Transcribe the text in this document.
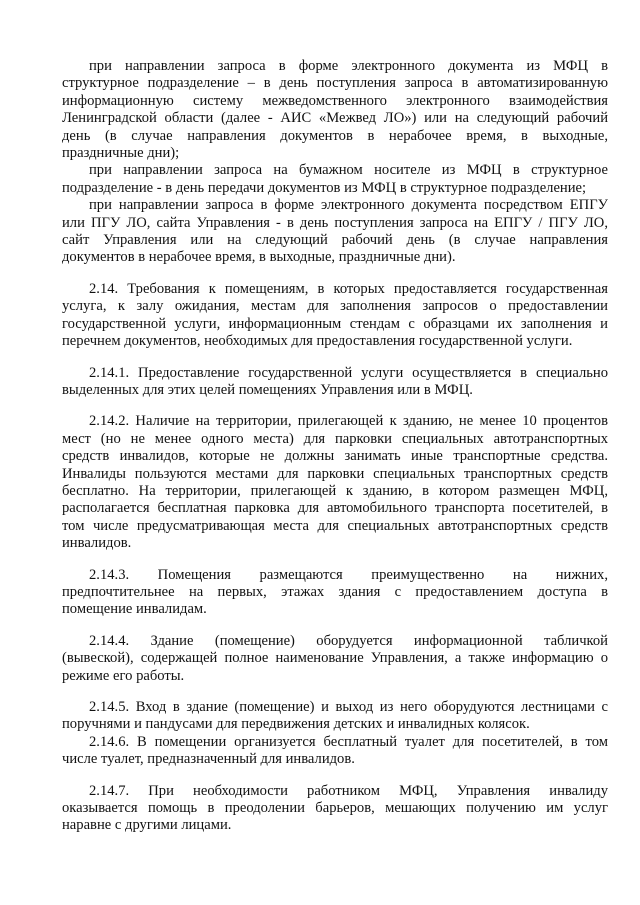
при направлении запроса в форме электронного документа из МФЦ в
структурное подразделение – в день поступления запроса в автоматизированную
информационную систему межведомственного электронного взаимодействия
Ленинградской области (далее - АИС «Межвед ЛО») или на следующий рабочий
день (в случае направления документов в нерабочее время, в выходные,
праздничные дни);
при направлении запроса на бумажном носителе из МФЦ в структурное
подразделение - в день передачи документов из МФЦ в структурное подразделение;
при направлении запроса в форме электронного документа посредством ЕПГУ
или ПГУ ЛО, сайта Управления - в день поступления запроса на ЕПГУ / ПГУ ЛО,
сайт Управления или на следующий рабочий день (в случае направления
документов в нерабочее время, в выходные, праздничные дни).
2.14. Требования к помещениям, в которых предоставляется государственная
услуга, к залу ожидания, местам для заполнения запросов о предоставлении
государственной услуги, информационным стендам с образцами их заполнения и
перечнем документов, необходимых для предоставления государственной услуги.
2.14.1. Предоставление государственной услуги осуществляется в специально
выделенных для этих целей помещениях Управления или в МФЦ.
2.14.2. Наличие на территории, прилегающей к зданию, не менее 10 процентов
мест (но не менее одного места) для парковки специальных автотранспортных
средств инвалидов, которые не должны занимать иные транспортные средства.
Инвалиды пользуются местами для парковки специальных транспортных средств
бесплатно. На территории, прилегающей к зданию, в котором размещен МФЦ,
располагается бесплатная парковка для автомобильного транспорта посетителей, в
том числе предусматривающая места для специальных автотранспортных средств
инвалидов.
2.14.3. Помещения размещаются преимущественно на нижних,
предпочтительнее на первых, этажах здания с предоставлением доступа в
помещение инвалидам.
2.14.4. Здание (помещение) оборудуется информационной табличкой
(вывеской), содержащей полное наименование Управления, а также информацию о
режиме его работы.
2.14.5. Вход в здание (помещение) и выход из него оборудуются лестницами с
поручнями и пандусами для передвижения детских и инвалидных колясок.
2.14.6. В помещении организуется бесплатный туалет для посетителей, в том
числе туалет, предназначенный для инвалидов.
2.14.7. При необходимости работником МФЦ, Управления инвалиду
оказывается помощь в преодолении барьеров, мешающих получению им услуг
наравне с другими лицами.
